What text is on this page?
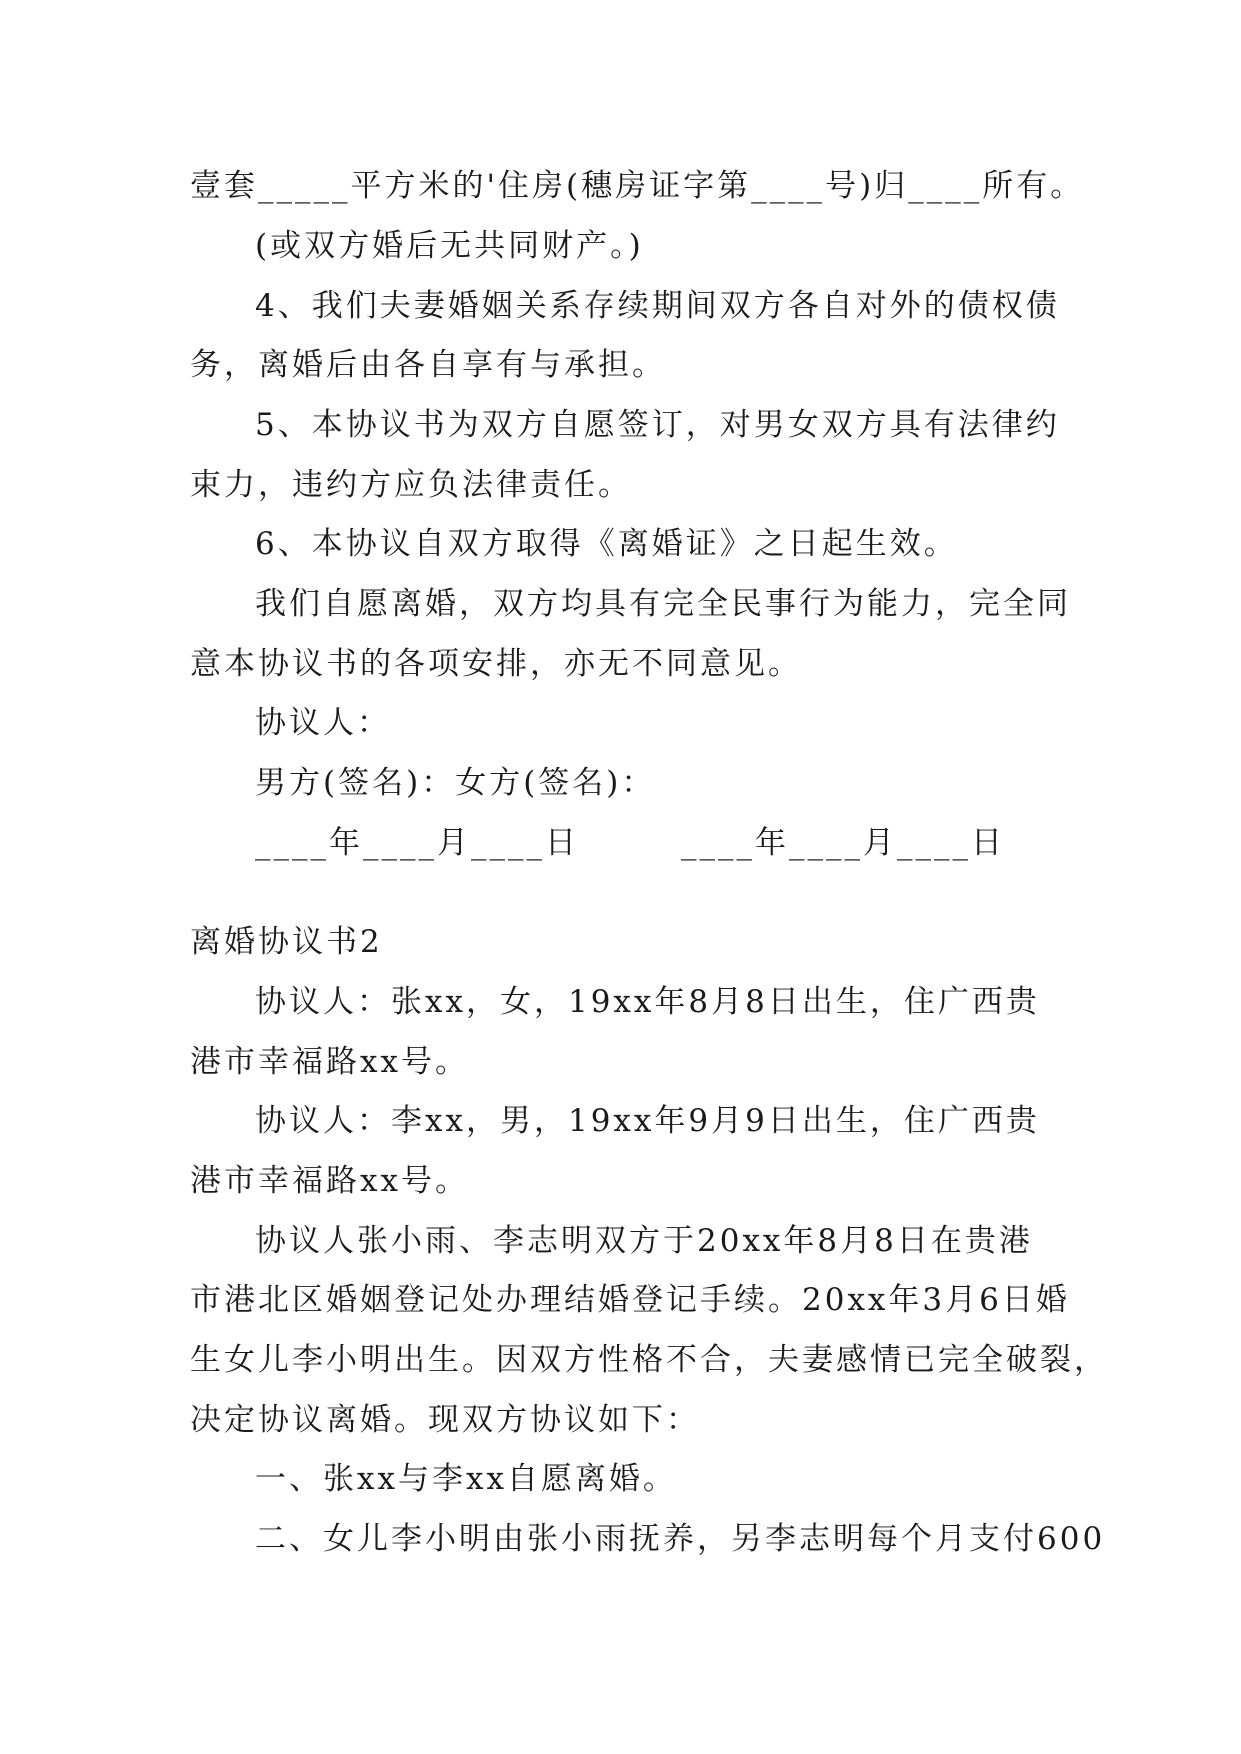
壹套_____平方米的'住房(穗房证字第____号)归____所有。
(或双方婚后无共同财产。)
4、我们夫妻婚姻关系存续期间双方各自对外的债权债
务，离婚后由各自享有与承担。
5、本协议书为双方自愿签订，对男女双方具有法律约
束力，违约方应负法律责任。
6、本协议自双方取得《离婚证》之日起生效。
我们自愿离婚，双方均具有完全民事行为能力，完全同
意本协议书的各项安排，亦无不同意见。
协议人：
男方(签名)：女方(签名)：
____年____月____日　　　____年____月____日
离婚协议书2
协议人：张xx，女，19xx年8月8日出生，住广西贵
港市幸福路xx号。
协议人：李xx，男，19xx年9月9日出生，住广西贵
港市幸福路xx号。
协议人张小雨、李志明双方于20xx年8月8日在贵港
市港北区婚姻登记处办理结婚登记手续。20xx年3月6日婚
生女儿李小明出生。因双方性格不合，夫妻感情已完全破裂，
决定协议离婚。现双方协议如下：
一、张xx与李xx自愿离婚。
二、女儿李小明由张小雨抚养，另李志明每个月支付600
